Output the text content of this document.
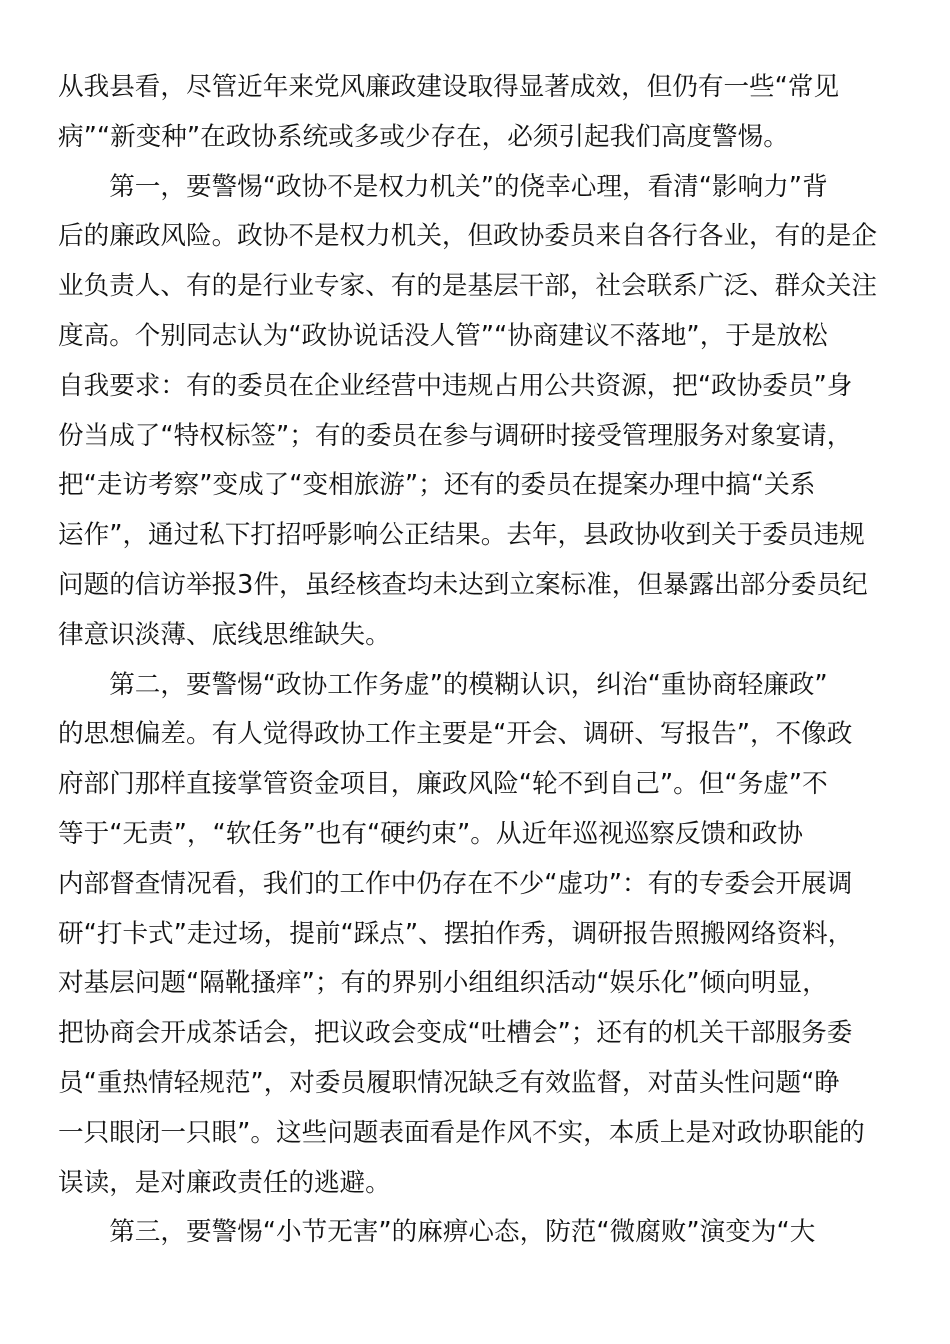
从我县看，尽管近年来党风廉政建设取得显著成效，但仍有一些“常见
病”“新变种”在政协系统或多或少存在，必须引起我们高度警惕。
第一，要警惕“政协不是权力机关”的侥幸心理，看清“影响力”背
后的廉政风险。政协不是权力机关，但政协委员来自各行各业，有的是企
业负责人、有的是行业专家、有的是基层干部，社会联系广泛、群众关注
度高。个别同志认为“政协说话没人管”“协商建议不落地”，于是放松
自我要求：有的委员在企业经营中违规占用公共资源，把“政协委员”身
份当成了“特权标签”；有的委员在参与调研时接受管理服务对象宴请，
把“走访考察”变成了“变相旅游”；还有的委员在提案办理中搞“关系
运作”，通过私下打招呼影响公正结果。去年，县政协收到关于委员违规
问题的信访举报3件，虽经核查均未达到立案标准，但暴露出部分委员纪
律意识淡薄、底线思维缺失。
第二，要警惕“政协工作务虚”的模糊认识，纠治“重协商轻廉政”
的思想偏差。有人觉得政协工作主要是“开会、调研、写报告”，不像政
府部门那样直接掌管资金项目，廉政风险“轮不到自己”。但“务虚”不
等于“无责”，“软任务”也有“硬约束”。从近年巡视巡察反馈和政协
内部督查情况看，我们的工作中仍存在不少“虚功”：有的专委会开展调
研“打卡式”走过场，提前“踩点”、摆拍作秀，调研报告照搬网络资料，
对基层问题“隔靴搔痒”；有的界别小组组织活动“娱乐化”倾向明显，
把协商会开成茶话会，把议政会变成“吐槽会”；还有的机关干部服务委
员“重热情轻规范”，对委员履职情况缺乏有效监督，对苗头性问题“睁
一只眼闭一只眼”。这些问题表面看是作风不实，本质上是对政协职能的
误读，是对廉政责任的逃避。
第三，要警惕“小节无害”的麻痹心态，防范“微腐败”演变为“大
